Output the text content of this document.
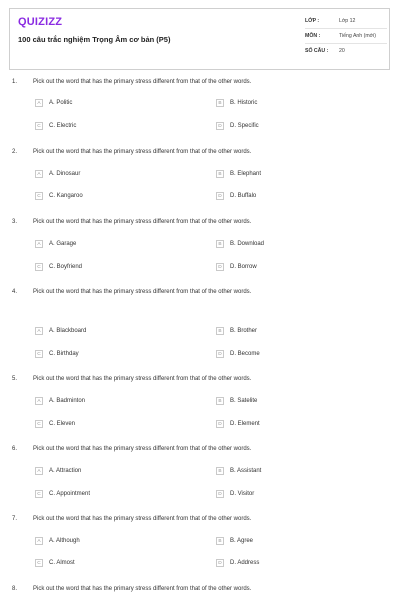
QUIZIZZ
100 câu trắc nghiệm Trọng Âm cơ bản (P5)
LỚP :	Lớp 12
MÔN :	Tiếng Anh (mới)
SỐ CÂU :	20
1.	Pick out the word that has the primary stress different from that of the other words.
A	A. Politic	B	B. Historic
C	C. Electric	D	D. Specific
2.	Pick out the word that has the primary stress different from that of the other words.
A	A. Dinosaur	B	B. Elephant
C	C. Kangaroo	D	D. Buffalo
3.	Pick out the word that has the primary stress different from that of the other words.
A	A. Garage	B	B. Download
C	C. Boyfriend	D	D. Borrow
4.	Pick out the word that has the primary stress different from that of the other words.
A	A. Blackboard	B	B. Brother
C	C. Birthday	D	D. Become
5.	Pick out the word that has the primary stress different from that of the other words.
A	A. Badminton	B	B. Satelite
C	C. Eleven	D	D. Element
6.	Pick out the word that has the primary stress different from that of the other words.
A	A. Attraction	B	B. Assistant
C	C. Appointment	D	D. Visitor
7.	Pick out the word that has the primary stress different from that of the other words.
A	A. Although	B	B. Agree
C	C. Almost	D	D. Address
8.	Pick out the word that has the primary stress different from that of the other words.
